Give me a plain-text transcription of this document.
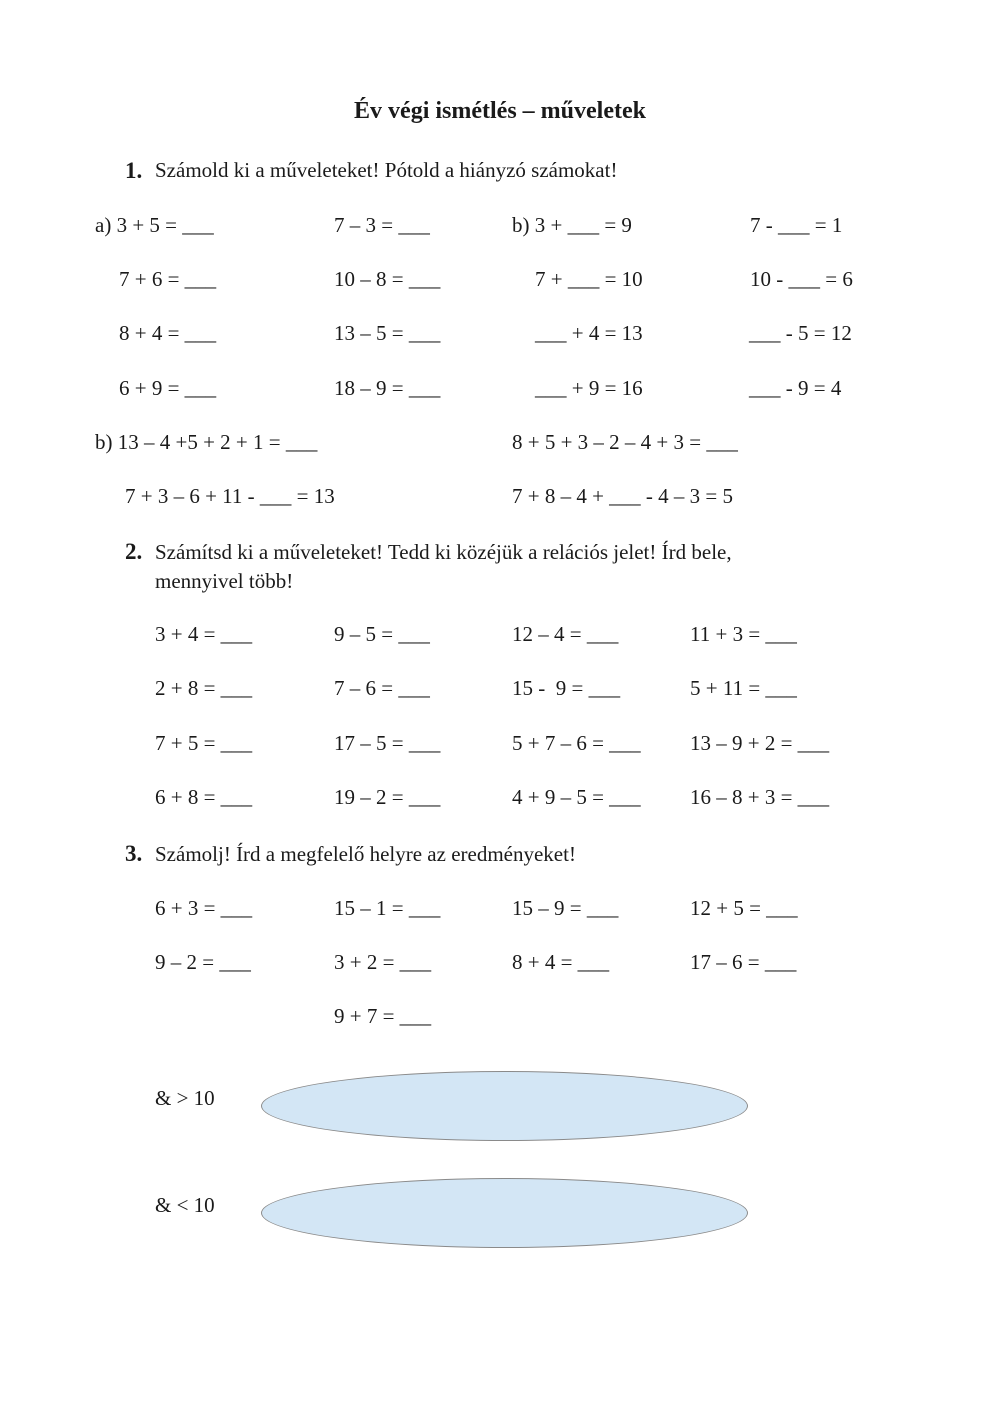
Év végi ismétlés – műveletek
1. Számold ki a műveleteket! Pótold a hiányzó számokat!
a) 3 + 5 = ___	7 – 3 = ___	b) 3 + ___ = 9	7 - ___ = 1
7 + 6 = ___	10 – 8 = ___	7 + ___ = 10	10 - ___ = 6
8 + 4 = ___	13 – 5 = ___	___ + 4 = 13	___ - 5 = 12
6 + 9 = ___	18 – 9 = ___	___ + 9 = 16	___ - 9 = 4
b) 13 – 4 +5 + 2 + 1 = ___	8 + 5 + 3 – 2 – 4 + 3 = ___
7 + 3 – 6 + 11 - ___ = 13	7 + 8 – 4 + ___ - 4 – 3 = 5
2. Számítsd ki a műveleteket! Tedd ki közéjük a relációs jelet! Írd bele,
mennyivel több!
3 + 4 = ___	9 – 5 = ___	12 – 4 = ___	11 + 3 = ___
2 + 8 = ___	7 – 6 = ___	15 -  9 = ___	5 + 11 = ___
7 + 5 = ___	17 – 5 = ___	5 + 7 – 6 = ___ 13 – 9 + 2 = ___
6 + 8 = ___	19 – 2 = ___	4 + 9 – 5 = ___ 16 – 8 + 3 = ___
3. Számolj! Írd a megfelelő helyre az eredményeket!
6 + 3 = ___	15 – 1 = ___	15 – 9 = ___	12 + 5 = ___
9 – 2 = ___	3 + 2 = ___	8 + 4 = ___	17 – 6 = ___
9 + 7 = ___
& > 10
& < 10
